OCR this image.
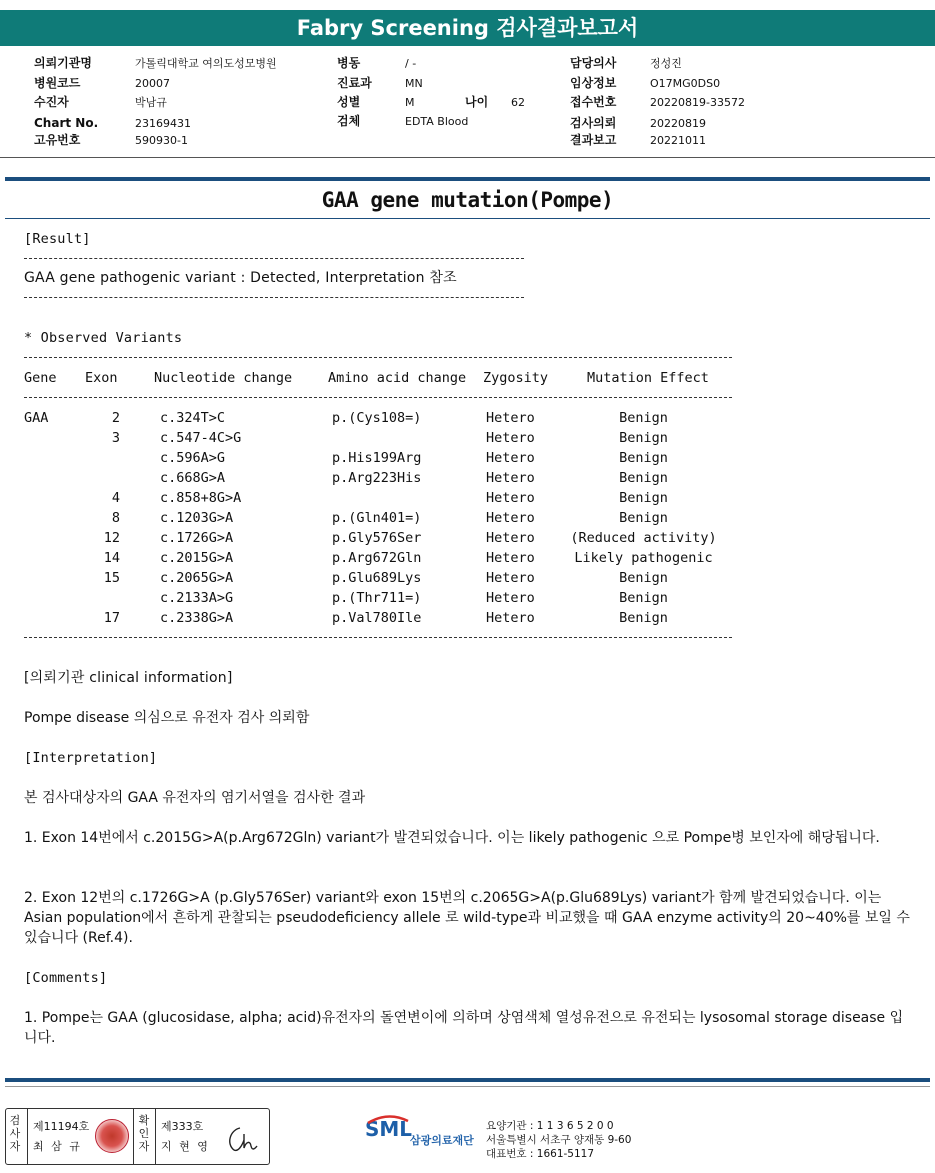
Fabry Screening 검사결과보고서
의뢰기관명	가톨릭대학교 여의도성모병원
병원코드	20007
수진자	박남규
Chart No.	23169431
고유번호	590930-1
병동	/ -
진료과	MN
성별	M
검체	EDTA Blood
담당의사	정성진
임상정보	O17MG0DS0
접수번호	20220819-33572
검사의뢰	20220819
결과보고	20221011
나이 62
GAA gene mutation(Pompe)
[Result]
GAA gene pathogenic variant : Detected, Interpretation 참조
* Observed Variants
Gene	Exon	Nucleotide change	Amino acid change	Zygosity	Mutation Effect

GAA	2	c.324T>C	p.(Cys108=)	Hetero	Benign
	3	c.547-4C>G		Hetero	Benign
		c.596A>G	p.His199Arg	Hetero	Benign
		c.668G>A	p.Arg223His	Hetero	Benign
	4	c.858+8G>A		Hetero	Benign
	8	c.1203G>A	p.(Gln401=)	Hetero	Benign
	12	c.1726G>A	p.Gly576Ser	Hetero	(Reduced activity)
	14	c.2015G>A	p.Arg672Gln	Hetero	Likely pathogenic
	15	c.2065G>A	p.Glu689Lys	Hetero	Benign
		c.2133A>G	p.(Thr711=)	Hetero	Benign
	17	c.2338G>A	p.Val780Ile	Hetero	Benign
[의뢰기관 clinical information]
Pompe disease 의심으로 유전자 검사 의뢰함
[Interpretation]
본 검사대상자의 GAA 유전자의 염기서열을 검사한 결과
1. Exon 14번에서 c.2015G>A(p.Arg672Gln) variant가 발견되었습니다. 이는 likely pathogenic 으로 Pompe병 보인자에 해당됩니다.
2. Exon 12번의 c.1726G>A (p.Gly576Ser) variant와 exon 15번의 c.2065G>A(p.Glu689Lys) variant가 함께 발견되었습니다. 이는 Asian population에서 흔하게 관찰되는 pseudodeficiency allele 로 wild-type과 비교했을 때 GAA enzyme activity의 20~40%를 보일 수 있습니다 (Ref.4).
[Comments]
1. Pompe는 GAA (glucosidase, alpha; acid)유전자의 돌연변이에 의하며 상염색체 열성유전으로 유전되는 lysosomal storage disease 입니다.
검
사
자
제11194호
최 삼 규
확
인
자
제333호
지 현 영
SML
삼광의료재단
요양기관 : 1 1 3 6 5 2 0 0
서울특별시 서초구 양재동 9-60
대표번호 : 1661-5117
